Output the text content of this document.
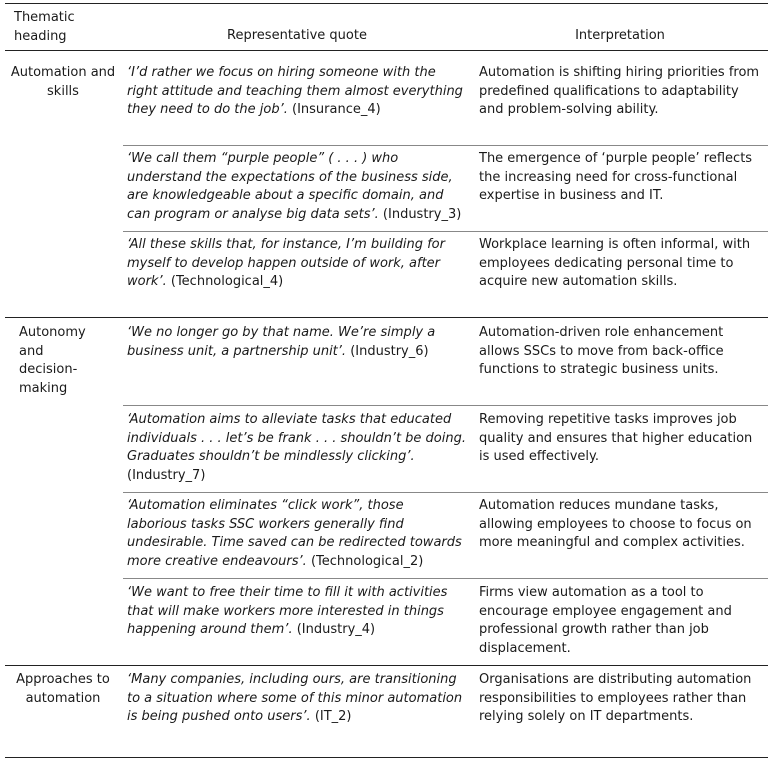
Thematic heading	Representative quote	Interpretation
Automation and skills
‘I’d rather we focus on hiring someone with the right attitude and teaching them almost everything they need to do the job’. (Insurance_4)
Automation is shifting hiring priorities from predefined qualifications to adaptability and problem-solving ability.
‘We call them “purple people” ( . . . ) who understand the expectations of the business side, are knowledgeable about a specific domain, and can program or analyse big data sets’. (Industry_3)
The emergence of ‘purple people’ reflects the increasing need for cross-functional expertise in business and IT.
‘All these skills that, for instance, I’m building for myself to develop happen outside of work, after work’. (Technological_4)
Workplace learning is often informal, with employees dedicating personal time to acquire new automation skills.
Autonomy and decision-making
‘We no longer go by that name. We’re simply a business unit, a partnership unit’. (Industry_6)
Automation-driven role enhancement allows SSCs to move from back-office functions to strategic business units.
‘Automation aims to alleviate tasks that educated individuals . . . let’s be frank . . . shouldn’t be doing. Graduates shouldn’t be mindlessly clicking’. (Industry_7)
Removing repetitive tasks improves job quality and ensures that higher education is used effectively.
‘Automation eliminates “click work”, those laborious tasks SSC workers generally find undesirable. Time saved can be redirected towards more creative endeavours’. (Technological_2)
Automation reduces mundane tasks, allowing employees to choose to focus on more meaningful and complex activities.
‘We want to free their time to fill it with activities that will make workers more interested in things happening around them’. (Industry_4)
Firms view automation as a tool to encourage employee engagement and professional growth rather than job displacement.
Approaches to automation
‘Many companies, including ours, are transitioning to a situation where some of this minor automation is being pushed onto users’. (IT_2)
Organisations are distributing automation responsibilities to employees rather than relying solely on IT departments.
